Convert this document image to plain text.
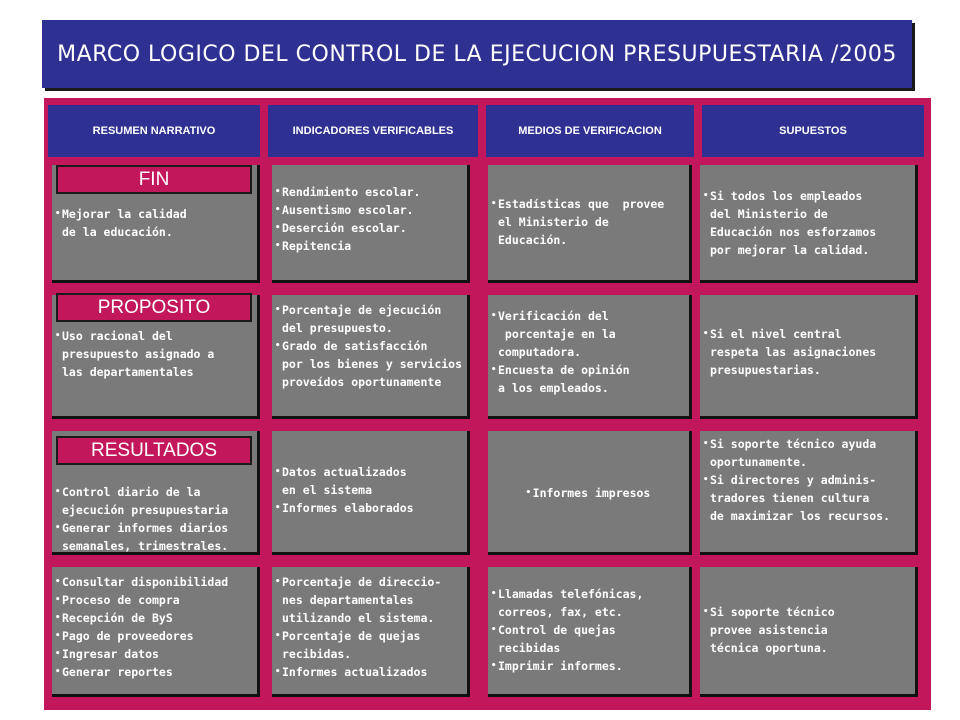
MARCO LOGICO DEL CONTROL DE LA EJECUCION PRESUPUESTARIA /2005
RESUMEN NARRATIVO	INDICADORES VERIFICABLES	MEDIOS DE VERIFICACION	SUPUESTOS
• Mejorar la calidad
de la educación.
FIN
• Rendimiento escolar.
• Ausentismo escolar.
• Deserción escolar.
• Repitencia
• Estadísticas que  provee
el Ministerio de
Educación.
• Si todos los empleados
del Ministerio de
Educación nos esforzamos
por mejorar la calidad.
• Uso racional del
presupuesto asignado a
las departamentales
PROPOSITO
•	Porcentaje de ejecución
del presupuesto.
• Grado de satisfacción
por los bienes y servicios
proveídos oportunamente
• Verificación del
porcentaje en la
computadora.
• Encuesta de opinión
a los empleados.
• Si el nivel central
respeta las asignaciones
presupuestarias.
• Control diario de la
ejecución presupuestaria
• Generar informes diarios
semanales, trimestrales.
RESULTADOS
• Datos actualizados
en el sistema
• Informes elaborados
• Informes impresos
• Si soporte técnico ayuda
oportunamente.
• Si directores y adminis-
tradores tienen cultura
de maximizar los recursos.
• Consultar disponibilidad
• Proceso de compra
• Recepción de ByS
• Pago de proveedores
• Ingresar datos
• Generar reportes
• Porcentaje de direccio-
nes departamentales
utilizando el sistema.
• Porcentaje de quejas
recibidas.
• Informes actualizados
• Llamadas telefónicas,
correos, fax, etc.
• Control de quejas
recibidas
• Imprimir informes.
• Si soporte técnico
provee asistencia
técnica oportuna.
